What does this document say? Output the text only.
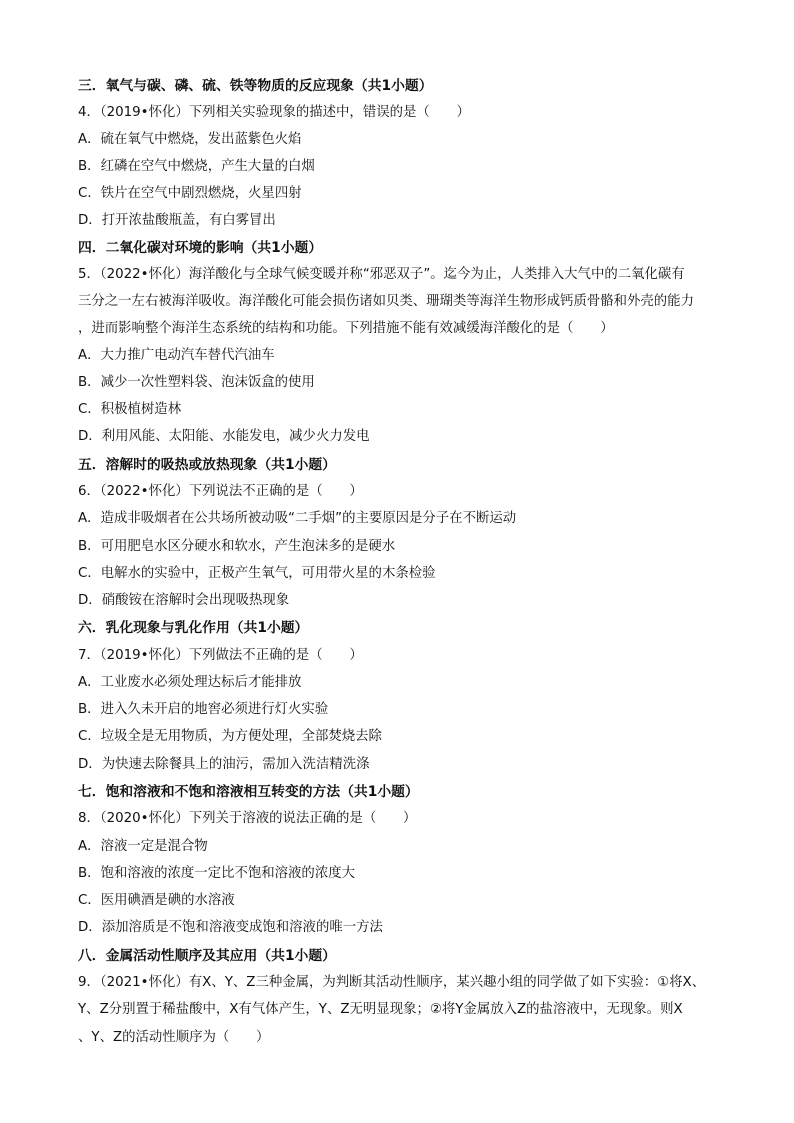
三．氧气与碳、磷、硫、铁等物质的反应现象（共1小题）
4．（2019•怀化）下列相关实验现象的描述中，错误的是（　　）
A．硫在氧气中燃烧，发出蓝紫色火焰
B．红磷在空气中燃烧，产生大量的白烟
C．铁片在空气中剧烈燃烧，火星四射
D．打开浓盐酸瓶盖，有白雾冒出
四．二氧化碳对环境的影响（共1小题）
5．（2022•怀化）海洋酸化与全球气候变暖并称“邪恶双子”。迄今为止，人类排入大气中的二氧化碳有
三分之一左右被海洋吸收。海洋酸化可能会损伤诸如贝类、珊瑚类等海洋生物形成钙质骨骼和外壳的能力
，进而影响整个海洋生态系统的结构和功能。下列措施不能有效减缓海洋酸化的是（　　）
A．大力推广电动汽车替代汽油车
B．减少一次性塑料袋、泡沫饭盒的使用
C．积极植树造林
D．利用风能、太阳能、水能发电，减少火力发电
五．溶解时的吸热或放热现象（共1小题）
6．（2022•怀化）下列说法不正确的是（　　）
A．造成非吸烟者在公共场所被动吸“二手烟”的主要原因是分子在不断运动
B．可用肥皂水区分硬水和软水，产生泡沫多的是硬水
C．电解水的实验中，正极产生氧气，可用带火星的木条检验
D．硝酸铵在溶解时会出现吸热现象
六．乳化现象与乳化作用（共1小题）
7．（2019•怀化）下列做法不正确的是（　　）
A．工业废水必须处理达标后才能排放
B．进入久未开启的地窖必须进行灯火实验
C．垃圾全是无用物质，为方便处理，全部焚烧去除
D．为快速去除餐具上的油污，需加入洗洁精洗涤
七．饱和溶液和不饱和溶液相互转变的方法（共1小题）
8．（2020•怀化）下列关于溶液的说法正确的是（　　）
A．溶液一定是混合物
B．饱和溶液的浓度一定比不饱和溶液的浓度大
C．医用碘酒是碘的水溶液
D．添加溶质是不饱和溶液变成饱和溶液的唯一方法
八．金属活动性顺序及其应用（共1小题）
9．（2021•怀化）有X、Y、Z三种金属，为判断其活动性顺序，某兴趣小组的同学做了如下实验：①将X、
Y、Z分别置于稀盐酸中，X有气体产生，Y、Z无明显现象；②将Y金属放入Z的盐溶液中，无现象。则X
、Y、Z的活动性顺序为（　　）
